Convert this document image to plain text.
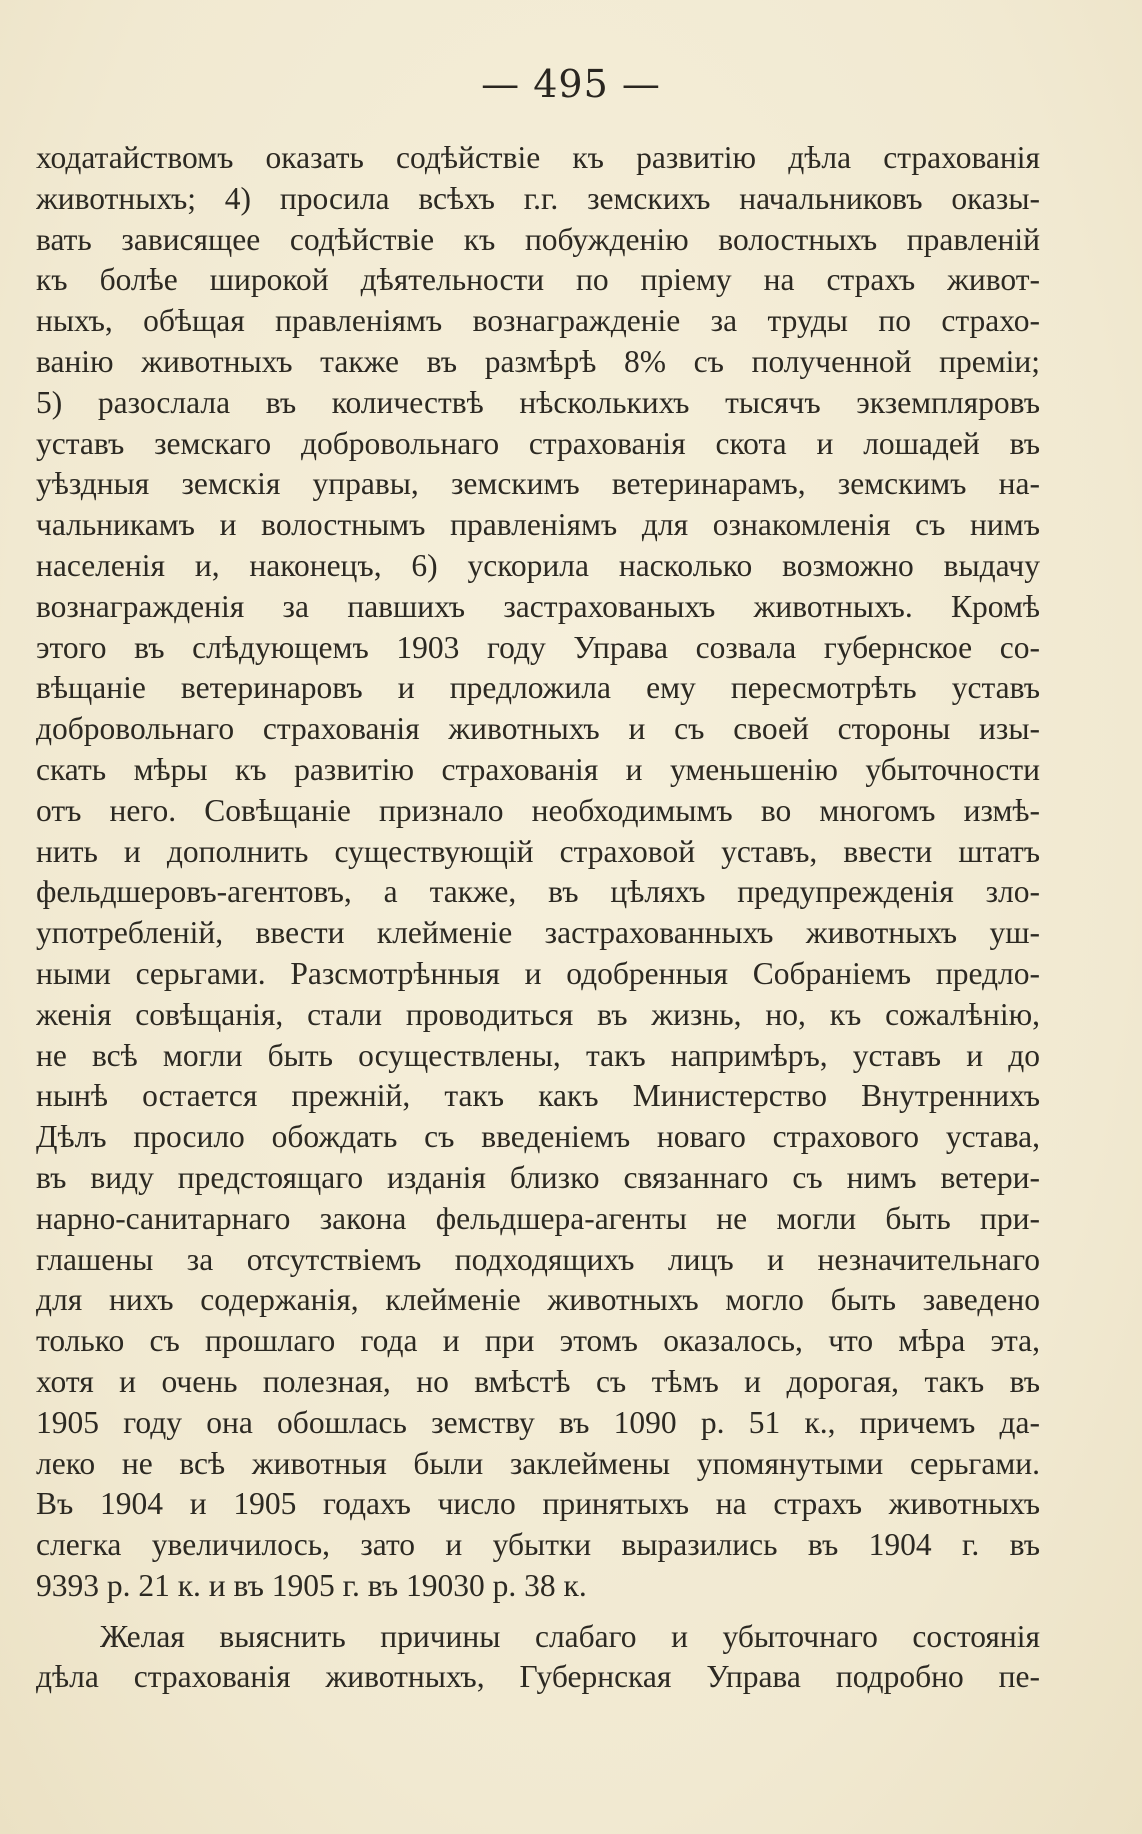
— 495 —
ходатайствомъ оказать содѣйствіе къ развитію дѣла страхованія
животныхъ; 4) просила всѣхъ г.г. земскихъ начальниковъ оказы-
вать зависящее содѣйствіе къ побужденію волостныхъ правленій
къ болѣе широкой дѣятельности по пріему на страхъ живот-
ныхъ, обѣщая правленіямъ вознагражденіе за труды по страхо-
ванію животныхъ также въ размѣрѣ 8% съ полученной преміи;
5) разослала въ количествѣ нѣсколькихъ тысячъ экземпляровъ
уставъ земскаго добровольнаго страхованія скота и лошадей въ
уѣздныя земскія управы, земскимъ ветеринарамъ, земскимъ на-
чальникамъ и волостнымъ правленіямъ для ознакомленія съ нимъ
населенія и, наконецъ, 6) ускорила насколько возможно выдачу
вознагражденія за павшихъ застрахованыхъ животныхъ. Кромѣ
этого въ слѣдующемъ 1903 году Управа созвала губернское со-
вѣщаніе ветеринаровъ и предложила ему пересмотрѣть уставъ
добровольнаго страхованія животныхъ и съ своей стороны изы-
скать мѣры къ развитію страхованія и уменьшенію убыточности
отъ него. Совѣщаніе признало необходимымъ во многомъ измѣ-
нить и дополнить существующій страховой уставъ, ввести штатъ
фельдшеровъ-агентовъ, а также, въ цѣляхъ предупрежденія зло-
употребленій, ввести клейменіе застрахованныхъ животныхъ уш-
ными серьгами. Разсмотрѣнныя и одобренныя Собраніемъ предло-
женія совѣщанія, стали проводиться въ жизнь, но, къ сожалѣнію,
не всѣ могли быть осуществлены, такъ напримѣръ, уставъ и до
нынѣ остается прежній, такъ какъ Министерство Внутреннихъ
Дѣлъ просило обождать съ введеніемъ новаго страхового устава,
въ виду предстоящаго изданія близко связаннаго съ нимъ ветери-
нарно-санитарнаго закона фельдшера-агенты не могли быть при-
глашены за отсутствіемъ подходящихъ лицъ и незначительнаго
для нихъ содержанія, клейменіе животныхъ могло быть заведено
только съ прошлаго года и при этомъ оказалось, что мѣра эта,
хотя и очень полезная, но вмѣстѣ съ тѣмъ и дорогая, такъ въ
1905 году она обошлась земству въ 1090 р. 51 к., причемъ да-
леко не всѣ животныя были заклеймены упомянутыми серьгами.
Въ 1904 и 1905 годахъ число принятыхъ на страхъ животныхъ
слегка увеличилось, зато и убытки выразились въ 1904 г. въ
9393 р. 21 к. и въ 1905 г. въ 19030 р. 38 к.
Желая выяснить причины слабаго и убыточнаго состоянія
дѣла страхованія животныхъ, Губернская Управа подробно пе-
